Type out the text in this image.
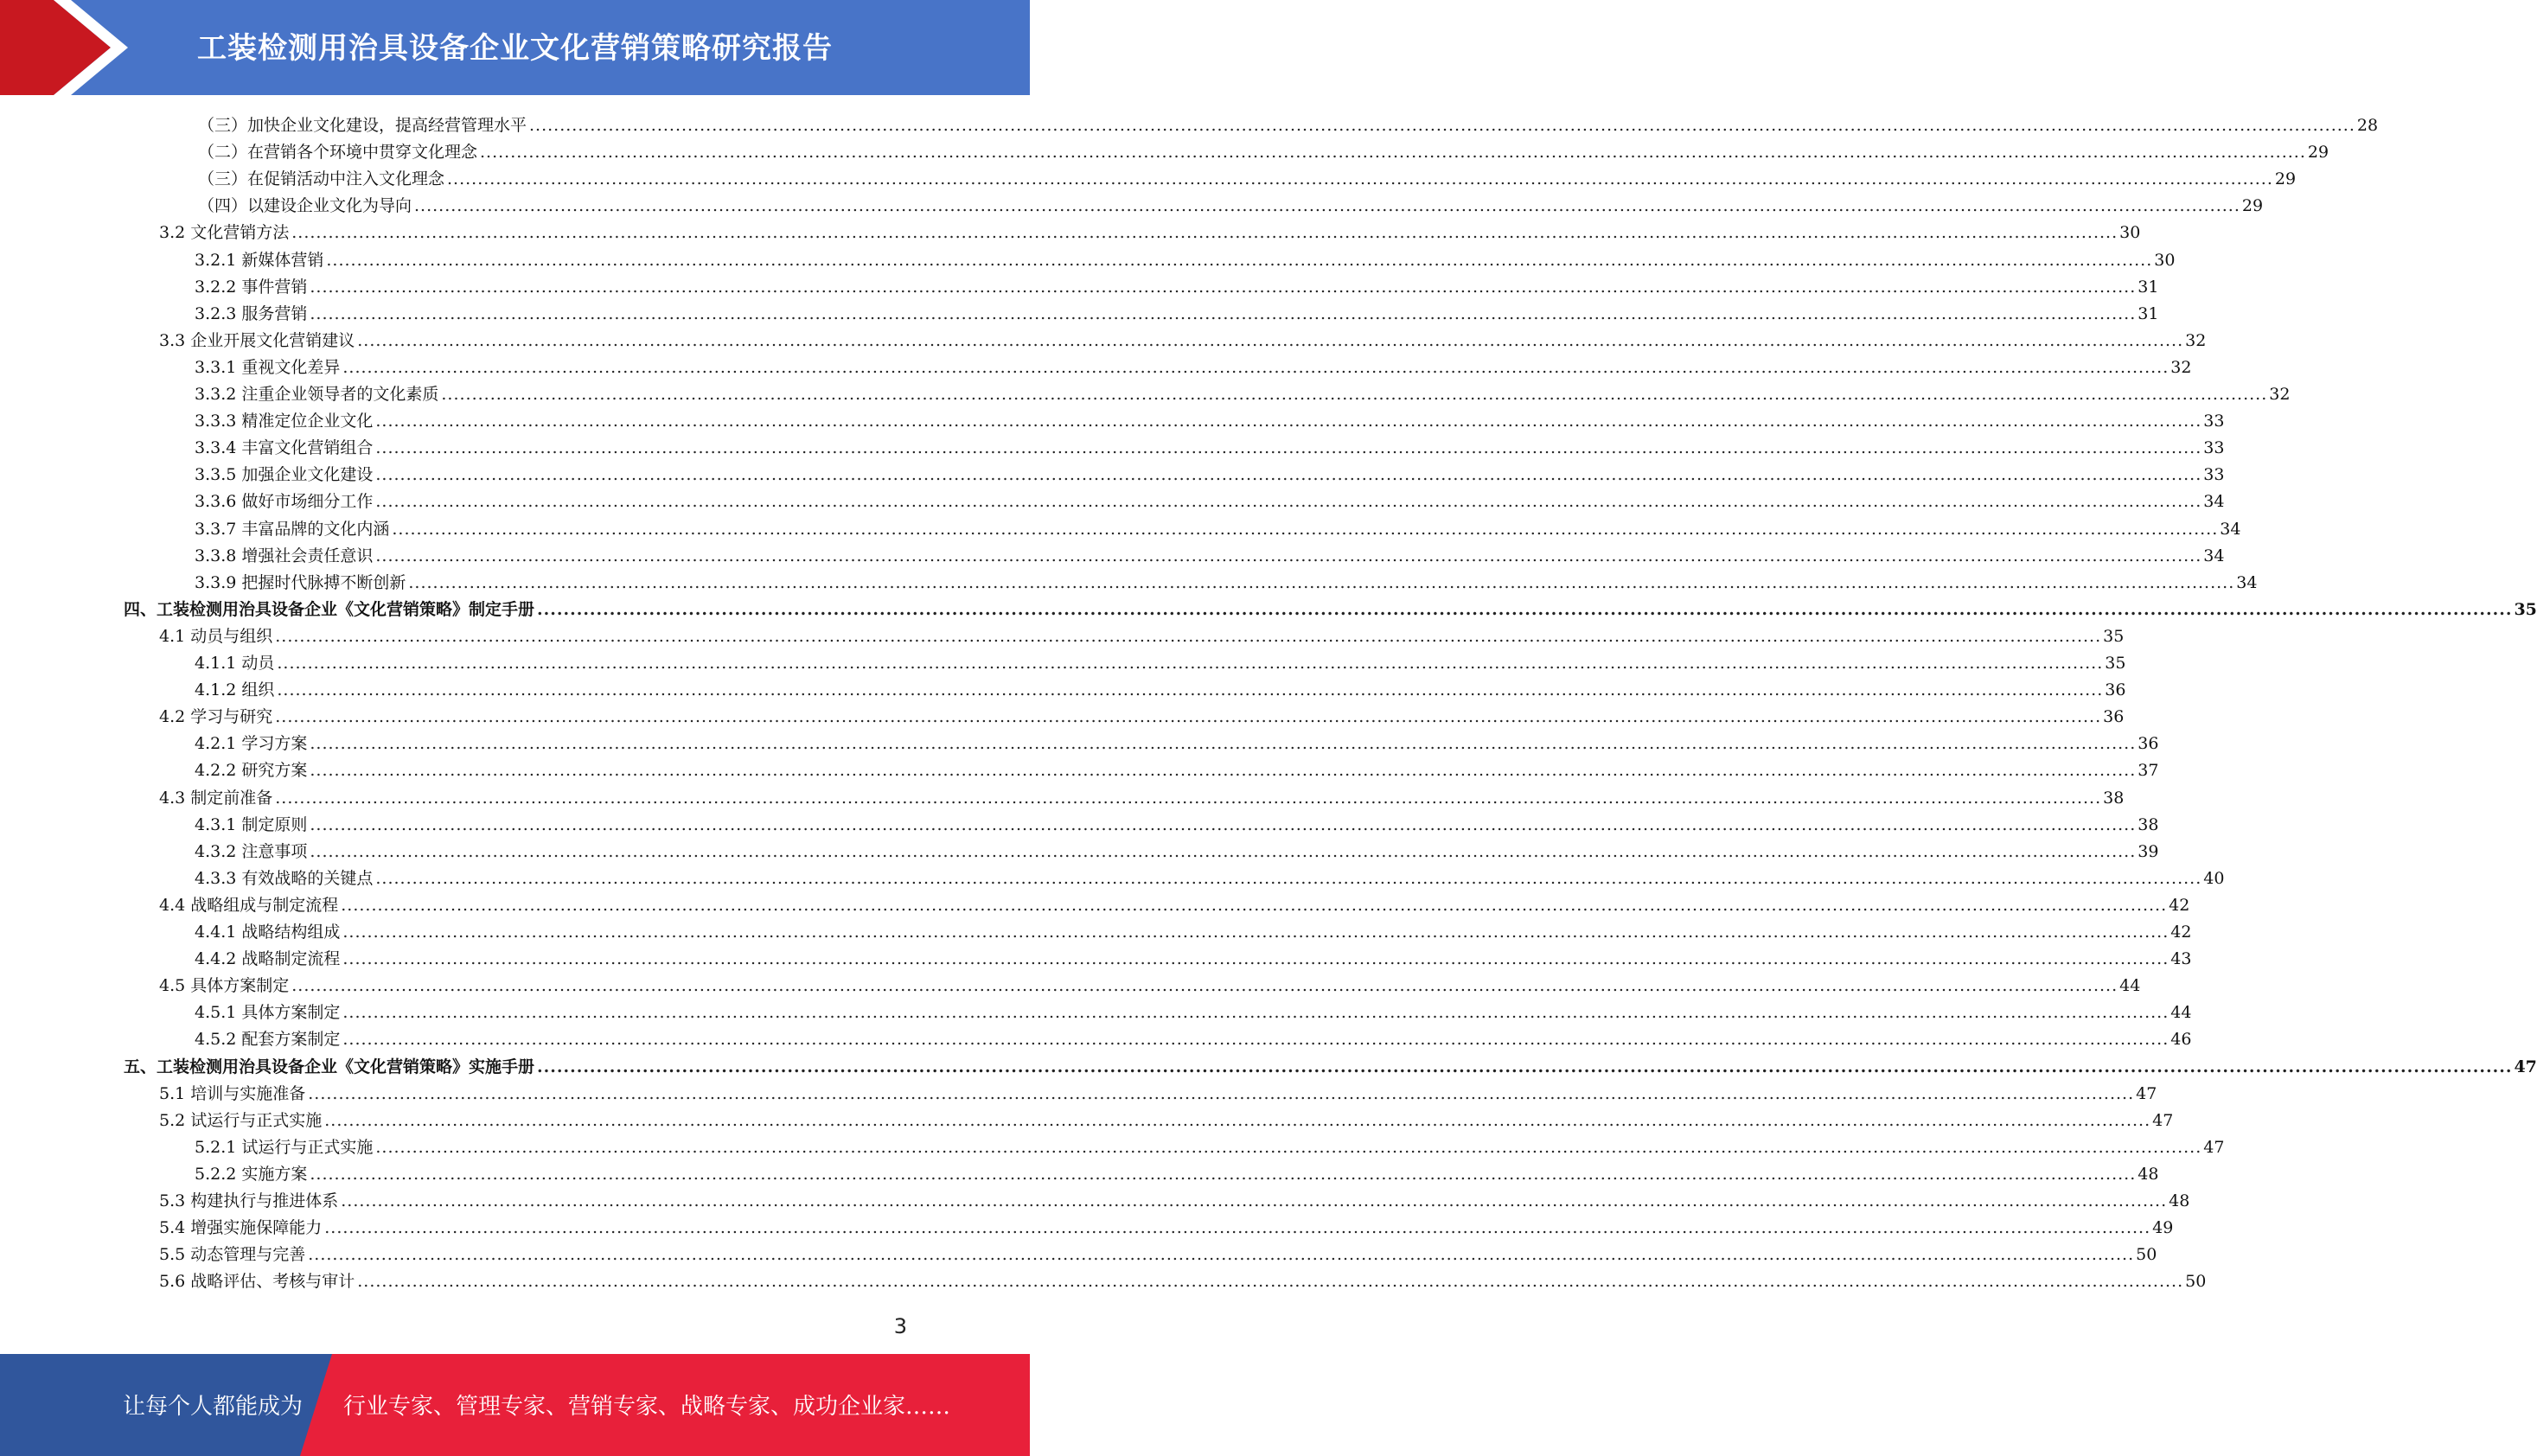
工装检测用治具设备企业文化营销策略研究报告
（三）加快企业文化建设，提高经营管理水平 ............................................................................................................................................................................................................................................................................................................ 28
（二）在营销各个环境中贯穿文化理念 ............................................................................................................................................................................................................................................................................................................ 29
（三）在促销活动中注入文化理念 ............................................................................................................................................................................................................................................................................................................ 29
（四）以建设企业文化为导向 ............................................................................................................................................................................................................................................................................................................ 29
3.2 文化营销方法 ............................................................................................................................................................................................................................................................................................................ 30
3.2.1 新媒体营销 ............................................................................................................................................................................................................................................................................................................ 30
3.2.2 事件营销 ............................................................................................................................................................................................................................................................................................................ 31
3.2.3 服务营销 ............................................................................................................................................................................................................................................................................................................ 31
3.3 企业开展文化营销建议 ............................................................................................................................................................................................................................................................................................................ 32
3.3.1 重视文化差异 ............................................................................................................................................................................................................................................................................................................ 32
3.3.2 注重企业领导者的文化素质 ............................................................................................................................................................................................................................................................................................................ 32
3.3.3 精准定位企业文化 ............................................................................................................................................................................................................................................................................................................ 33
3.3.4 丰富文化营销组合 ............................................................................................................................................................................................................................................................................................................ 33
3.3.5 加强企业文化建设 ............................................................................................................................................................................................................................................................................................................ 33
3.3.6 做好市场细分工作 ............................................................................................................................................................................................................................................................................................................ 34
3.3.7 丰富品牌的文化内涵 ............................................................................................................................................................................................................................................................................................................ 34
3.3.8 增强社会责任意识 ............................................................................................................................................................................................................................................................................................................ 34
3.3.9 把握时代脉搏不断创新 ............................................................................................................................................................................................................................................................................................................ 34
四、工装检测用治具设备企业《文化营销策略》制定手册 ............................................................................................................................................................................................................................................................................................................ 35
4.1 动员与组织 ............................................................................................................................................................................................................................................................................................................ 35
4.1.1 动员 ............................................................................................................................................................................................................................................................................................................ 35
4.1.2 组织 ............................................................................................................................................................................................................................................................................................................ 36
4.2 学习与研究 ............................................................................................................................................................................................................................................................................................................ 36
4.2.1 学习方案 ............................................................................................................................................................................................................................................................................................................ 36
4.2.2 研究方案 ............................................................................................................................................................................................................................................................................................................ 37
4.3 制定前准备 ............................................................................................................................................................................................................................................................................................................ 38
4.3.1 制定原则 ............................................................................................................................................................................................................................................................................................................ 38
4.3.2 注意事项 ............................................................................................................................................................................................................................................................................................................ 39
4.3.3 有效战略的关键点 ............................................................................................................................................................................................................................................................................................................ 40
4.4 战略组成与制定流程 ............................................................................................................................................................................................................................................................................................................ 42
4.4.1 战略结构组成 ............................................................................................................................................................................................................................................................................................................ 42
4.4.2 战略制定流程 ............................................................................................................................................................................................................................................................................................................ 43
4.5 具体方案制定 ............................................................................................................................................................................................................................................................................................................ 44
4.5.1 具体方案制定 ............................................................................................................................................................................................................................................................................................................ 44
4.5.2 配套方案制定 ............................................................................................................................................................................................................................................................................................................ 46
五、工装检测用治具设备企业《文化营销策略》实施手册 ............................................................................................................................................................................................................................................................................................................ 47
5.1 培训与实施准备 ............................................................................................................................................................................................................................................................................................................ 47
5.2 试运行与正式实施 ............................................................................................................................................................................................................................................................................................................ 47
5.2.1 试运行与正式实施 ............................................................................................................................................................................................................................................................................................................ 47
5.2.2 实施方案 ............................................................................................................................................................................................................................................................................................................ 48
5.3 构建执行与推进体系 ............................................................................................................................................................................................................................................................................................................ 48
5.4 增强实施保障能力 ............................................................................................................................................................................................................................................................................................................ 49
5.5 动态管理与完善 ............................................................................................................................................................................................................................................................................................................ 50
5.6 战略评估、考核与审计 ............................................................................................................................................................................................................................................................................................................ 50
3
让每个人都能成为 行业专家、管理专家、营销专家、战略专家、成功企业家……
